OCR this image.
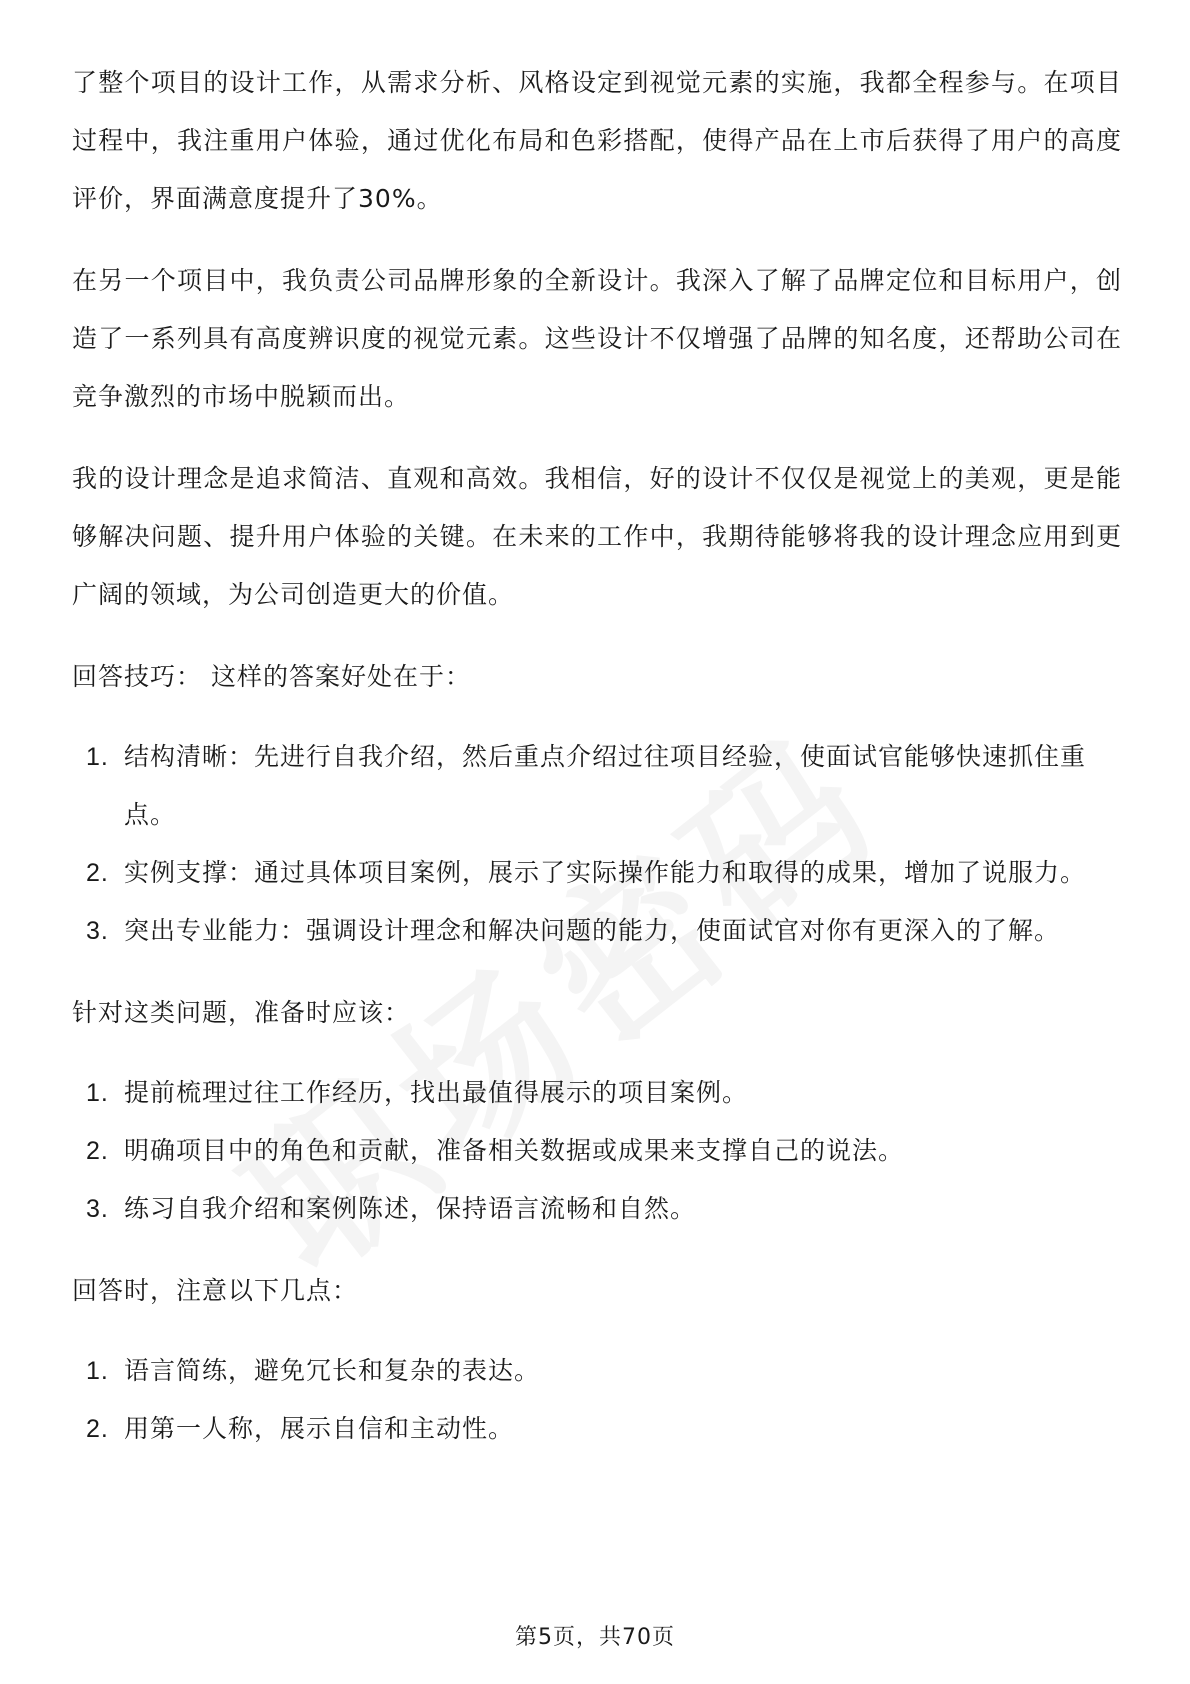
了整个项目的设计工作，从需求分析、风格设定到视觉元素的实施，我都全程参与。在项目过程中，我注重用户体验，通过优化布局和色彩搭配，使得产品在上市后获得了用户的高度评价，界面满意度提升了30%。

在另一个项目中，我负责公司品牌形象的全新设计。我深入了解了品牌定位和目标用户，创造了一系列具有高度辨识度的视觉元素。这些设计不仅增强了品牌的知名度，还帮助公司在竞争激烈的市场中脱颖而出。

我的设计理念是追求简洁、直观和高效。我相信，好的设计不仅仅是视觉上的美观，更是能够解决问题、提升用户体验的关键。在未来的工作中，我期待能够将我的设计理念应用到更广阔的领域，为公司创造更大的价值。

回答技巧： 这样的答案好处在于：

1. 结构清晰：先进行自我介绍，然后重点介绍过往项目经验，使面试官能够快速抓住重点。
2. 实例支撑：通过具体项目案例，展示了实际操作能力和取得的成果，增加了说服力。
3. 突出专业能力：强调设计理念和解决问题的能力，使面试官对你有更深入的了解。

针对这类问题，准备时应该：

1. 提前梳理过往工作经历，找出最值得展示的项目案例。
2. 明确项目中的角色和贡献，准备相关数据或成果来支撑自己的说法。
3. 练习自我介绍和案例陈述，保持语言流畅和自然。

回答时，注意以下几点：

1. 语言简练，避免冗长和复杂的表达。
2. 用第一人称，展示自信和主动性。
第5页，共70页
